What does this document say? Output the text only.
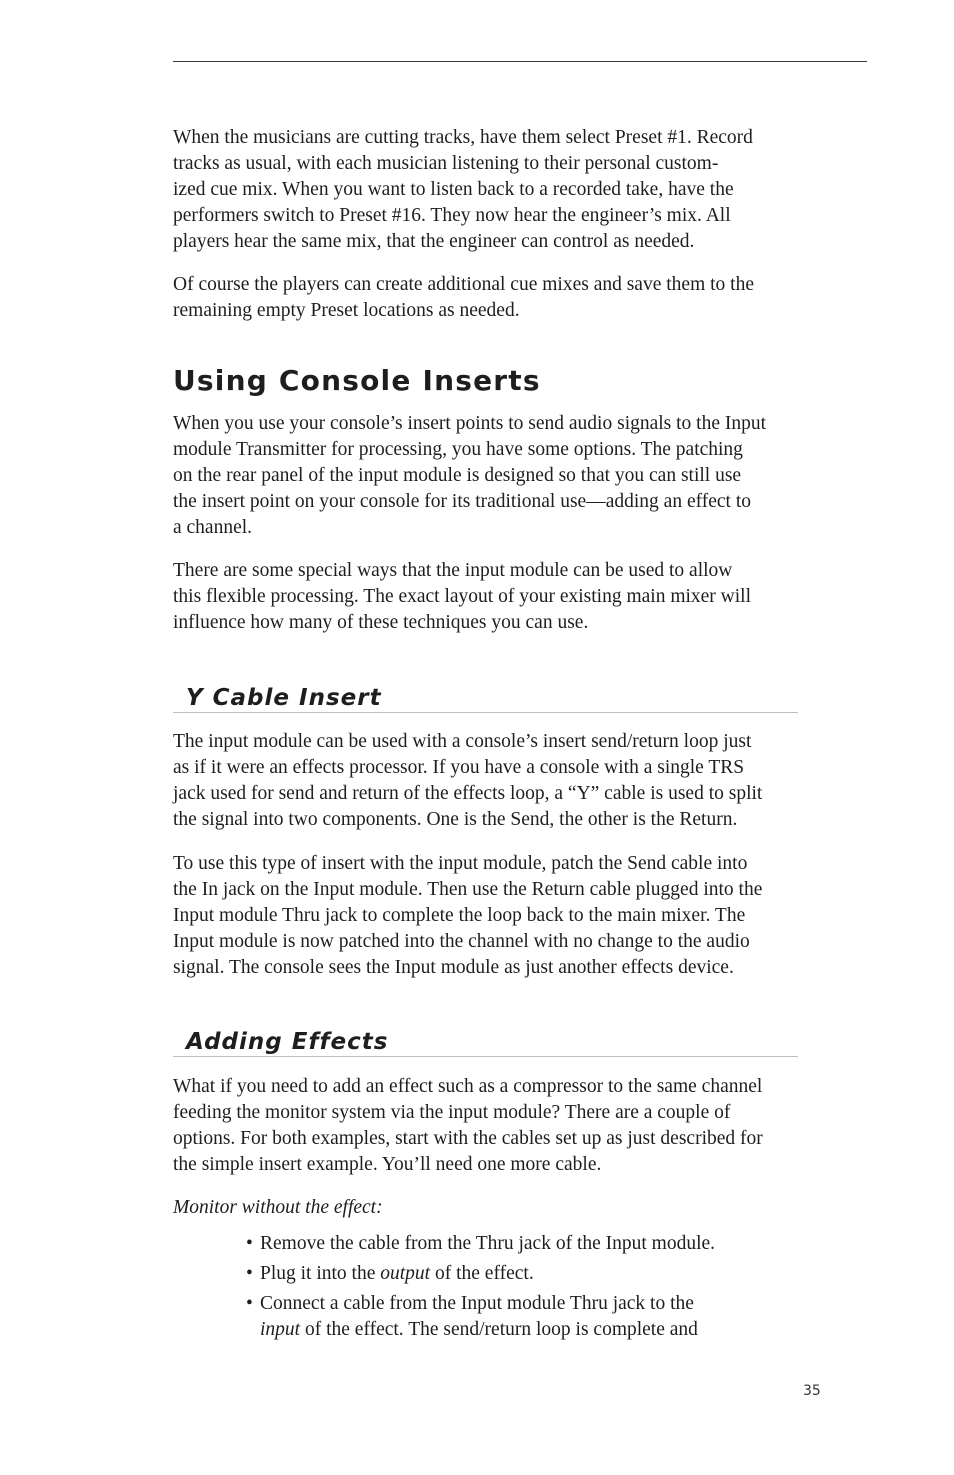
When the musicians are cutting tracks, have them select Preset #1. Record
tracks as usual, with each musician listening to their personal custom-
ized cue mix. When you want to listen back to a recorded take, have the
performers switch to Preset #16. They now hear the engineer’s mix. All
players hear the same mix, that the engineer can control as needed.

Of course the players can create additional cue mixes and save them to the
remaining empty Preset locations as needed.

Using Console Inserts

When you use your console’s insert points to send audio signals to the Input
module Transmitter for processing, you have some options. The patching
on the rear panel of the input module is designed so that you can still use
the insert point on your console for its traditional use—adding an effect to
a channel.

There are some special ways that the input module can be used to allow
this flexible processing. The exact layout of your existing main mixer will
influence how many of these techniques you can use.

Y Cable Insert

The input module can be used with a console’s insert send/return loop just
as if it were an effects processor. If you have a console with a single TRS
jack used for send and return of the effects loop, a “Y” cable is used to split
the signal into two components. One is the Send, the other is the Return.

To use this type of insert with the input module, patch the Send cable into
the In jack on the Input module. Then use the Return cable plugged into the
Input module Thru jack to complete the loop back to the main mixer. The
Input module is now patched into the channel with no change to the audio
signal. The console sees the Input module as just another effects device.

Adding Effects

What if you need to add an effect such as a compressor to the same channel
feeding the monitor system via the input module? There are a couple of
options. For both examples, start with the cables set up as just described for
the simple insert example. You’ll need one more cable.

Monitor without the effect:

• Remove the cable from the Thru jack of the Input module.
• Plug it into the output of the effect.
• Connect a cable from the Input module Thru jack to the
input of the effect. The send/return loop is complete and
35
